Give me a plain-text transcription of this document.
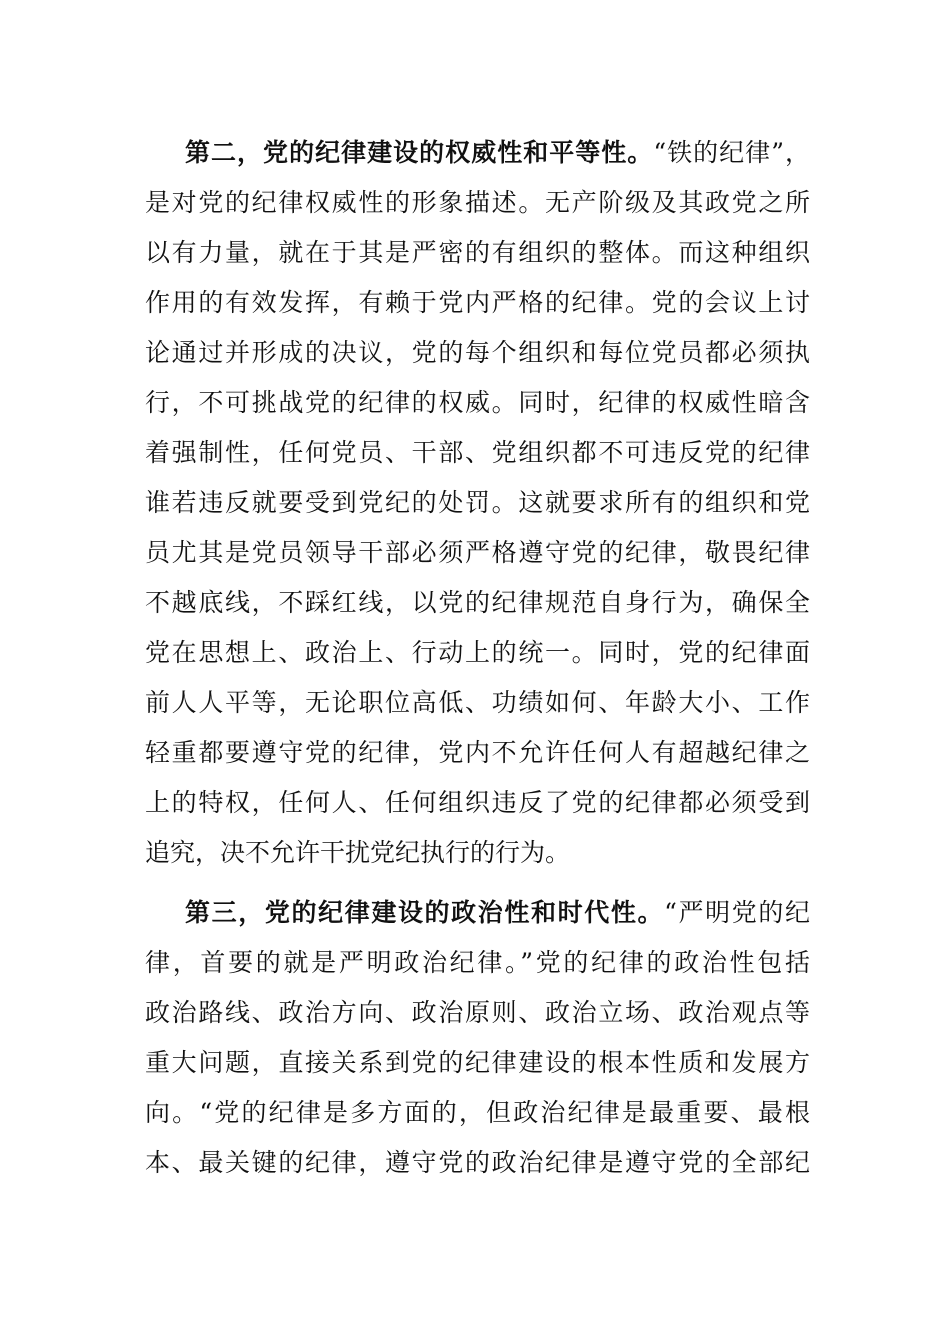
第二，党的纪律建设的权威性和平等性。“铁的纪律”，
是对党的纪律权威性的形象描述。无产阶级及其政党之所
以有力量，就在于其是严密的有组织的整体。而这种组织
作用的有效发挥，有赖于党内严格的纪律。党的会议上讨
论通过并形成的决议，党的每个组织和每位党员都必须执
行，不可挑战党的纪律的权威。同时，纪律的权威性暗含
着强制性，任何党员、干部、党组织都不可违反党的纪律
谁若违反就要受到党纪的处罚。这就要求所有的组织和党
员尤其是党员领导干部必须严格遵守党的纪律，敬畏纪律
不越底线，不踩红线，以党的纪律规范自身行为，确保全
党在思想上、政治上、行动上的统一。同时，党的纪律面
前人人平等，无论职位高低、功绩如何、年龄大小、工作
轻重都要遵守党的纪律，党内不允许任何人有超越纪律之
上的特权，任何人、任何组织违反了党的纪律都必须受到
追究，决不允许干扰党纪执行的行为。
第三，党的纪律建设的政治性和时代性。“严明党的纪
律，首要的就是严明政治纪律。”党的纪律的政治性包括
政治路线、政治方向、政治原则、政治立场、政治观点等
重大问题，直接关系到党的纪律建设的根本性质和发展方
向。“党的纪律是多方面的，但政治纪律是最重要、最根
本、最关键的纪律，遵守党的政治纪律是遵守党的全部纪
